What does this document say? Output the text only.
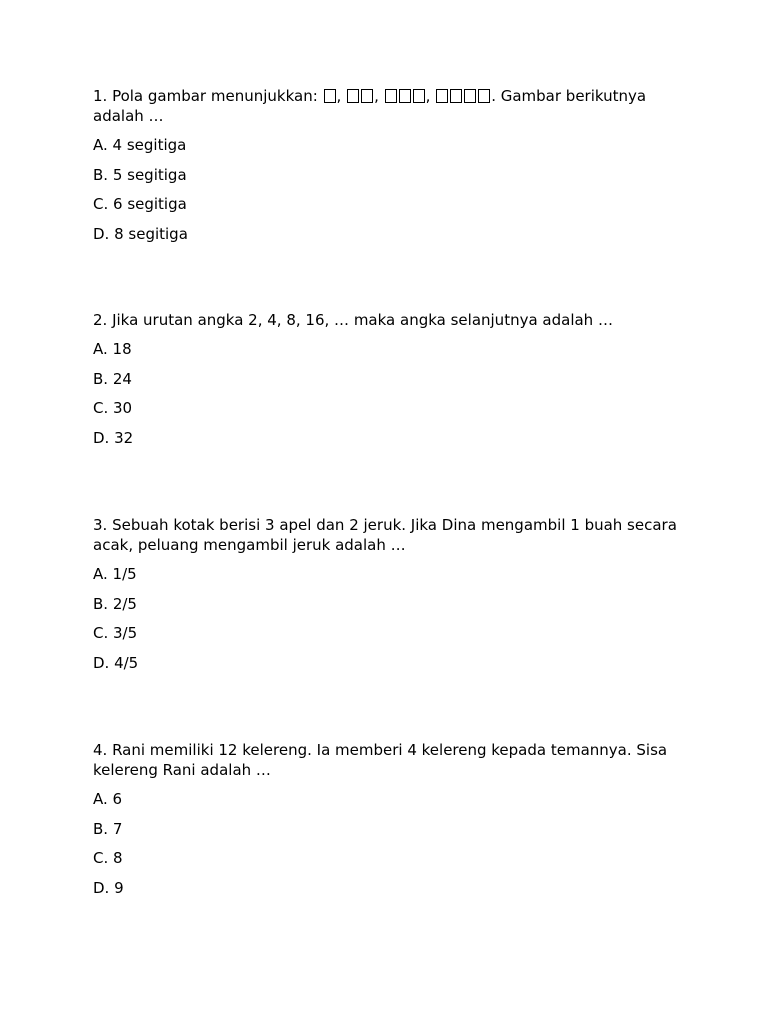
1. Pola gambar menunjukkan: , ,	,	. Gambar berikutnya adalah …

A. 4 segitiga

B. 5 segitiga

C. 6 segitiga

D. 8 segitiga

2. Jika urutan angka 2, 4, 8, 16, … maka angka selanjutnya adalah …

A. 18

B. 24

C. 30

D. 32

3. Sebuah kotak berisi 3 apel dan 2 jeruk. Jika Dina mengambil 1 buah secara acak, peluang mengambil jeruk adalah …

A. 1/5

B. 2/5

C. 3/5

D. 4/5

4. Rani memiliki 12 kelereng. Ia memberi 4 kelereng kepada temannya. Sisa kelereng Rani adalah …

A. 6

B. 7

C. 8

D. 9
